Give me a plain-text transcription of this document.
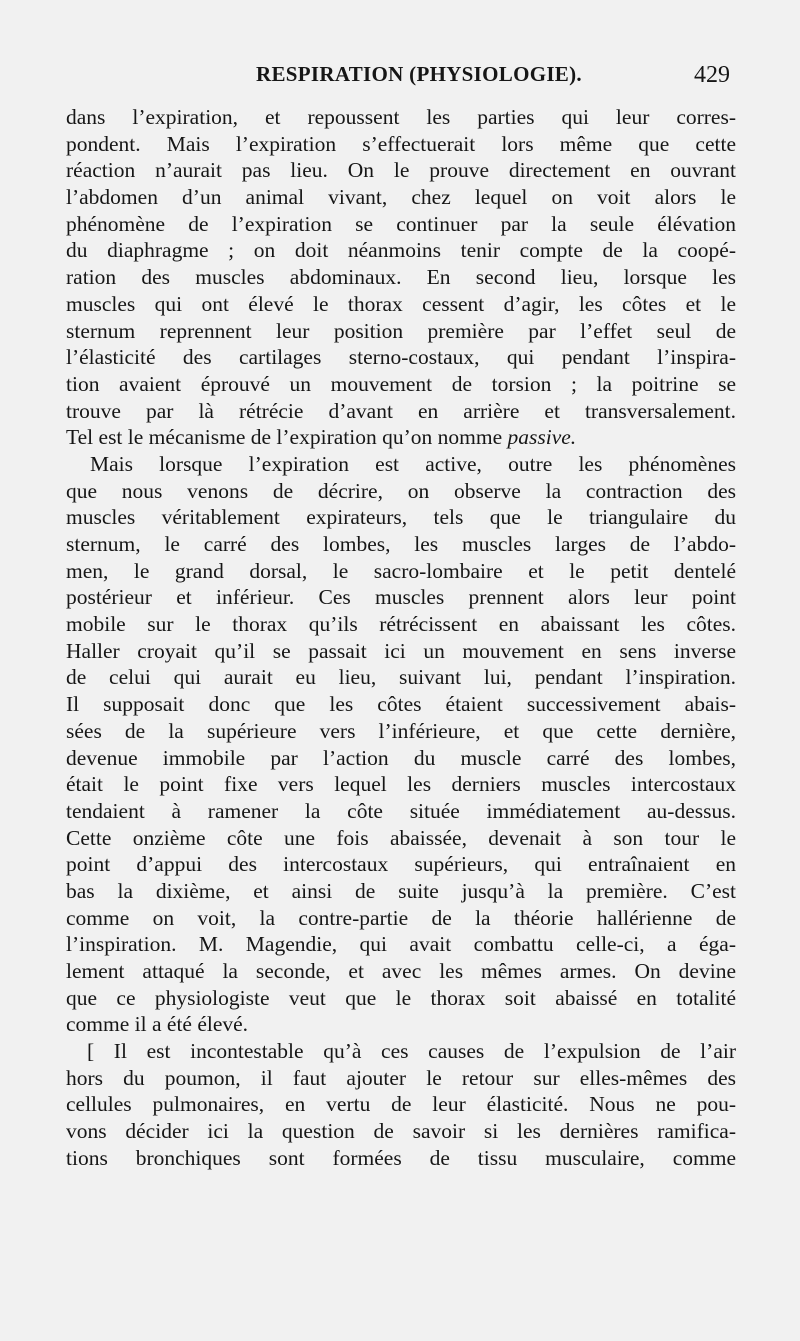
RESPIRATION (PHYSIOLOGIE).	429
dans l’expiration, et repoussent les parties qui leur corres-
pondent. Mais l’expiration s’effectuerait lors même que cette
réaction n’aurait pas lieu. On le prouve directement en ouvrant
l’abdomen d’un animal vivant, chez lequel on voit alors le
phénomène de l’expiration se continuer par la seule élévation
du diaphragme ; on doit néanmoins tenir compte de la coopé-
ration des muscles abdominaux. En second lieu, lorsque les
muscles qui ont élevé le thorax cessent d’agir, les côtes et le
sternum reprennent leur position première par l’effet seul de
l’élasticité des cartilages sterno-costaux, qui pendant l’inspira-
tion avaient éprouvé un mouvement de torsion ; la poitrine se
trouve par là rétrécie d’avant en arrière et transversalement.
Tel est le mécanisme de l’expiration qu’on nomme passive.
Mais lorsque l’expiration est active, outre les phénomènes
que nous venons de décrire, on observe la contraction des
muscles véritablement expirateurs, tels que le triangulaire du
sternum, le carré des lombes, les muscles larges de l’abdo-
men, le grand dorsal, le sacro-lombaire et le petit dentelé
postérieur et inférieur. Ces muscles prennent alors leur point
mobile sur le thorax qu’ils rétrécissent en abaissant les côtes.
Haller croyait qu’il se passait ici un mouvement en sens inverse
de celui qui aurait eu lieu, suivant lui, pendant l’inspiration.
Il supposait donc que les côtes étaient successivement abais-
sées de la supérieure vers l’inférieure, et que cette dernière,
devenue immobile par l’action du muscle carré des lombes,
était le point fixe vers lequel les derniers muscles intercostaux
tendaient à ramener la côte située immédiatement au-dessus.
Cette onzième côte une fois abaissée, devenait à son tour le
point d’appui des intercostaux supérieurs, qui entraînaient en
bas la dixième, et ainsi de suite jusqu’à la première. C’est
comme on voit, la contre-partie de la théorie hallérienne de
l’inspiration. M. Magendie, qui avait combattu celle-ci, a éga-
lement attaqué la seconde, et avec les mêmes armes. On devine
que ce physiologiste veut que le thorax soit abaissé en totalité
comme il a été élevé.
[ Il est incontestable qu’à ces causes de l’expulsion de l’air
hors du poumon, il faut ajouter le retour sur elles-mêmes des
cellules pulmonaires, en vertu de leur élasticité. Nous ne pou-
vons décider ici la question de savoir si les dernières ramifica-
tions bronchiques sont formées de tissu musculaire, comme
